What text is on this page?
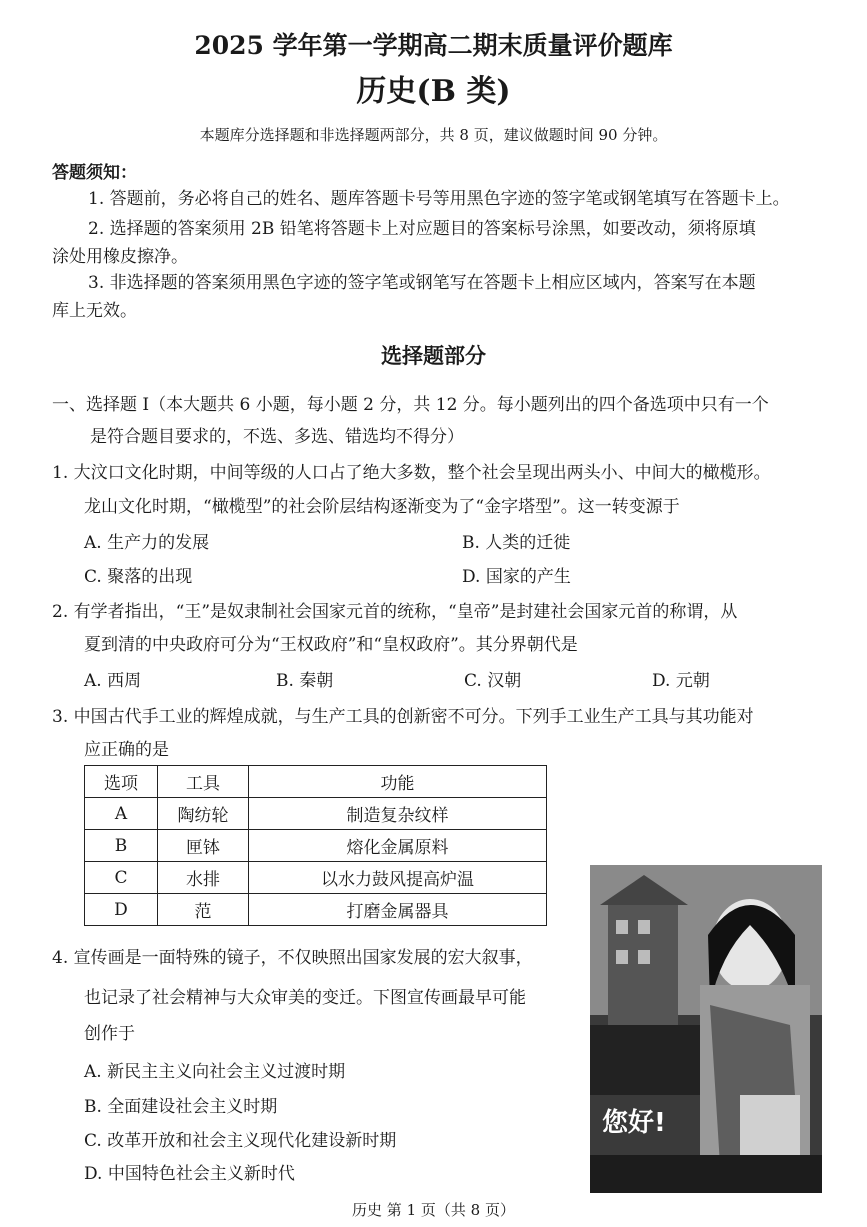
2025 学年第一学期高二期末质量评价题库
历史(B 类)
本题库分选择题和非选择题两部分，共 8 页，建议做题时间 90 分钟。
答题须知：
1. 答题前，务必将自己的姓名、题库答题卡号等用黑色字迹的签字笔或钢笔填写在答题卡上。
2. 选择题的答案须用 2B 铅笔将答题卡上对应题目的答案标号涂黑，如要改动，须将原填
涂处用橡皮擦净。
3. 非选择题的答案须用黑色字迹的签字笔或钢笔写在答题卡上相应区域内，答案写在本题
库上无效。
选择题部分
一、选择题 I（本大题共 6 小题，每小题 2 分，共 12 分。每小题列出的四个备选项中只有一个
是符合题目要求的，不选、多选、错选均不得分）
1. 大汶口文化时期，中间等级的人口占了绝大多数，整个社会呈现出两头小、中间大的橄榄形。
龙山文化时期，“橄榄型”的社会阶层结构逐渐变为了“金字塔型”。这一转变源于
A. 生产力的发展	B. 人类的迁徙
C. 聚落的出现	D. 国家的产生
2. 有学者指出，“王”是奴隶制社会国家元首的统称，“皇帝”是封建社会国家元首的称谓，从
夏到清的中央政府可分为“王权政府”和“皇权政府”。其分界朝代是
A. 西周	B. 秦朝	C. 汉朝	D. 元朝
3. 中国古代手工业的辉煌成就，与生产工具的创新密不可分。下列手工业生产工具与其功能对
应正确的是
选项	工具	功能
A	陶纺轮	制造复杂纹样
B	匣钵	熔化金属原料
C	水排	以水力鼓风提高炉温
D	范	打磨金属器具
4. 宣传画是一面特殊的镜子，不仅映照出国家发展的宏大叙事，
也记录了社会精神与大众审美的变迁。下图宣传画最早可能
创作于
A. 新民主主义向社会主义过渡时期
B. 全面建设社会主义时期
C. 改革开放和社会主义现代化建设新时期
D. 中国特色社会主义新时代
您好!
历史 第 1 页（共 8 页）
